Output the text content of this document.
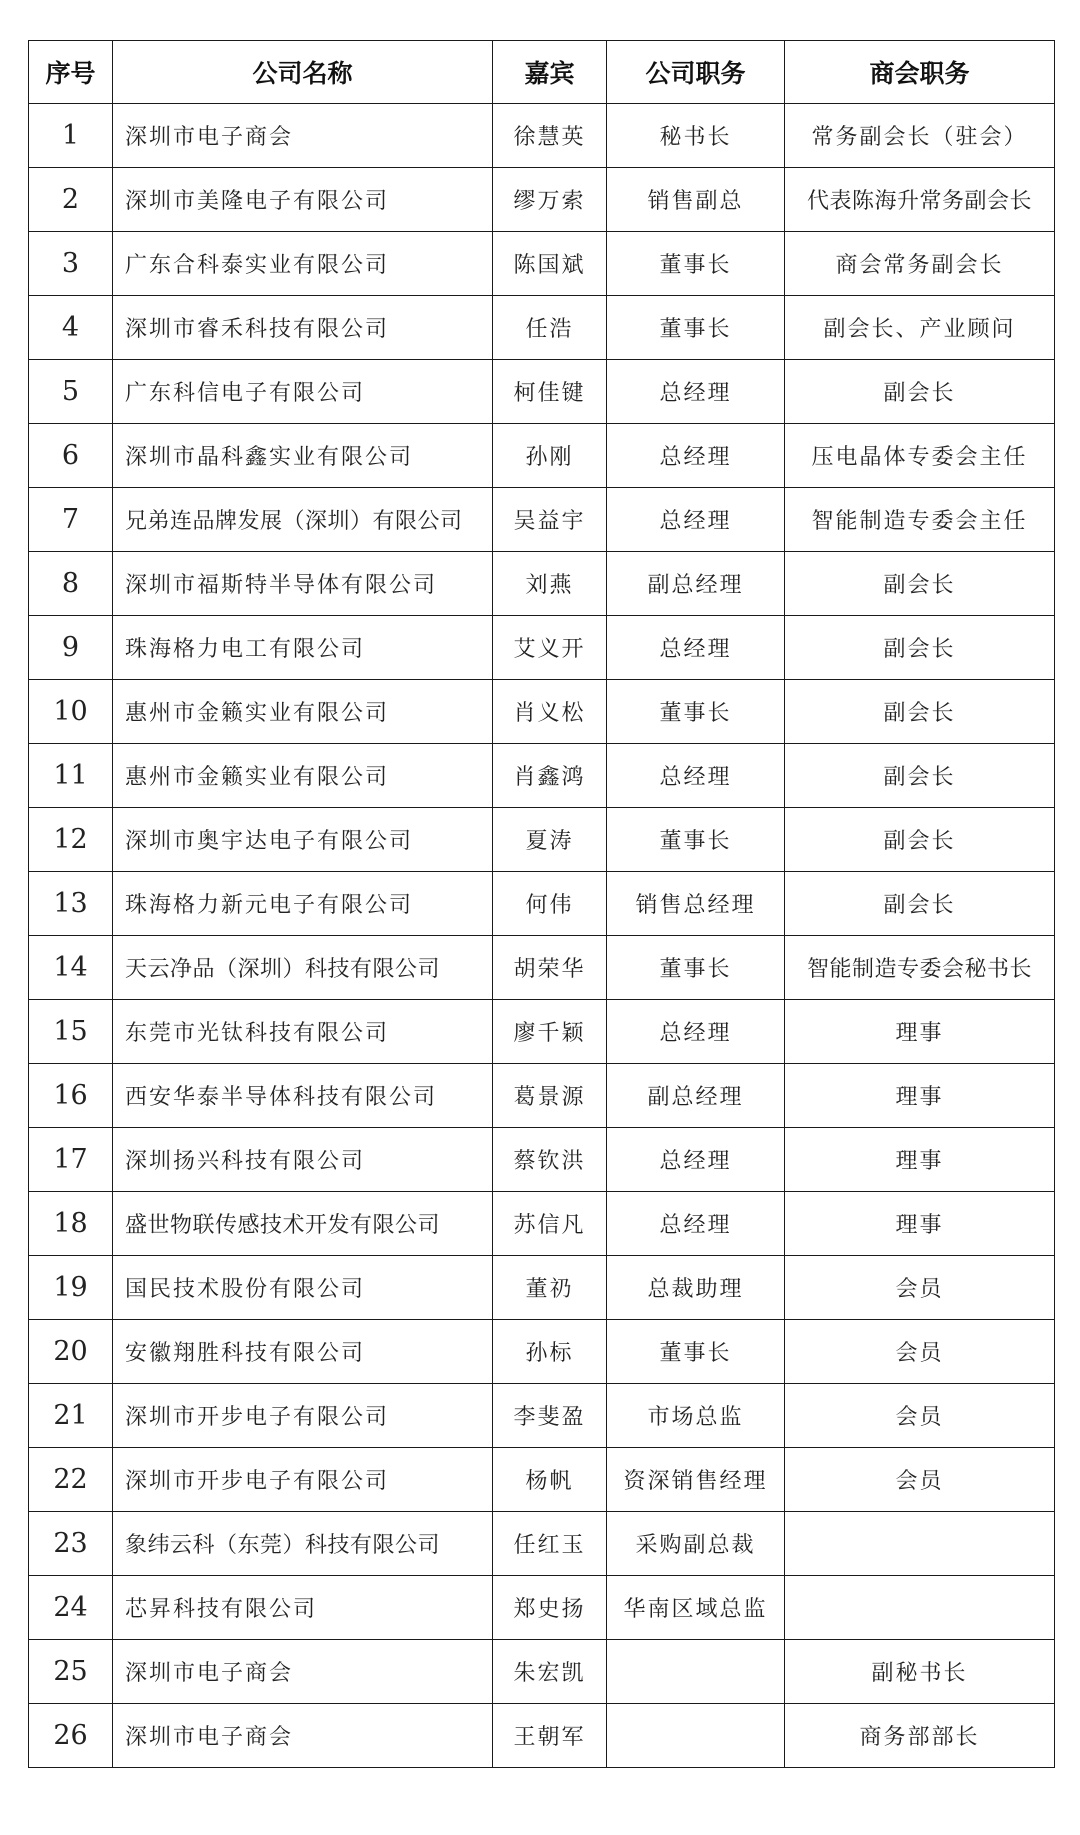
序号	公司名称	嘉宾	公司职务	商会职务
1	深圳市电子商会	徐慧英	秘书长	常务副会长（驻会）
2	深圳市美隆电子有限公司	缪万索	销售副总	代表陈海升常务副会长
3	广东合科泰实业有限公司	陈国斌	董事长	商会常务副会长
4	深圳市睿禾科技有限公司	任浩	董事长	副会长、产业顾问
5	广东科信电子有限公司	柯佳键	总经理	副会长
6	深圳市晶科鑫实业有限公司	孙刚	总经理	压电晶体专委会主任
7	兄弟连品牌发展（深圳）有限公司	吴益宇	总经理	智能制造专委会主任
8	深圳市福斯特半导体有限公司	刘燕	副总经理	副会长
9	珠海格力电工有限公司	艾义开	总经理	副会长
10	惠州市金籁实业有限公司	肖义松	董事长	副会长
11	惠州市金籁实业有限公司	肖鑫鸿	总经理	副会长
12	深圳市奥宇达电子有限公司	夏涛	董事长	副会长
13	珠海格力新元电子有限公司	何伟	销售总经理	副会长
14	天云净品（深圳）科技有限公司	胡荣华	董事长	智能制造专委会秘书长
15	东莞市光钛科技有限公司	廖千颖	总经理	理事
16	西安华泰半导体科技有限公司	葛景源	副总经理	理事
17	深圳扬兴科技有限公司	蔡钦洪	总经理	理事
18	盛世物联传感技术开发有限公司	苏信凡	总经理	理事
19	国民技术股份有限公司	董礽	总裁助理	会员
20	安徽翔胜科技有限公司	孙标	董事长	会员
21	深圳市开步电子有限公司	李斐盈	市场总监	会员
22	深圳市开步电子有限公司	杨帆	资深销售经理	会员
23	象纬云科（东莞）科技有限公司	任红玉	采购副总裁	
24	芯昇科技有限公司	郑史扬	华南区域总监	
25	深圳市电子商会	朱宏凯		副秘书长
26	深圳市电子商会	王朝军		商务部部长
